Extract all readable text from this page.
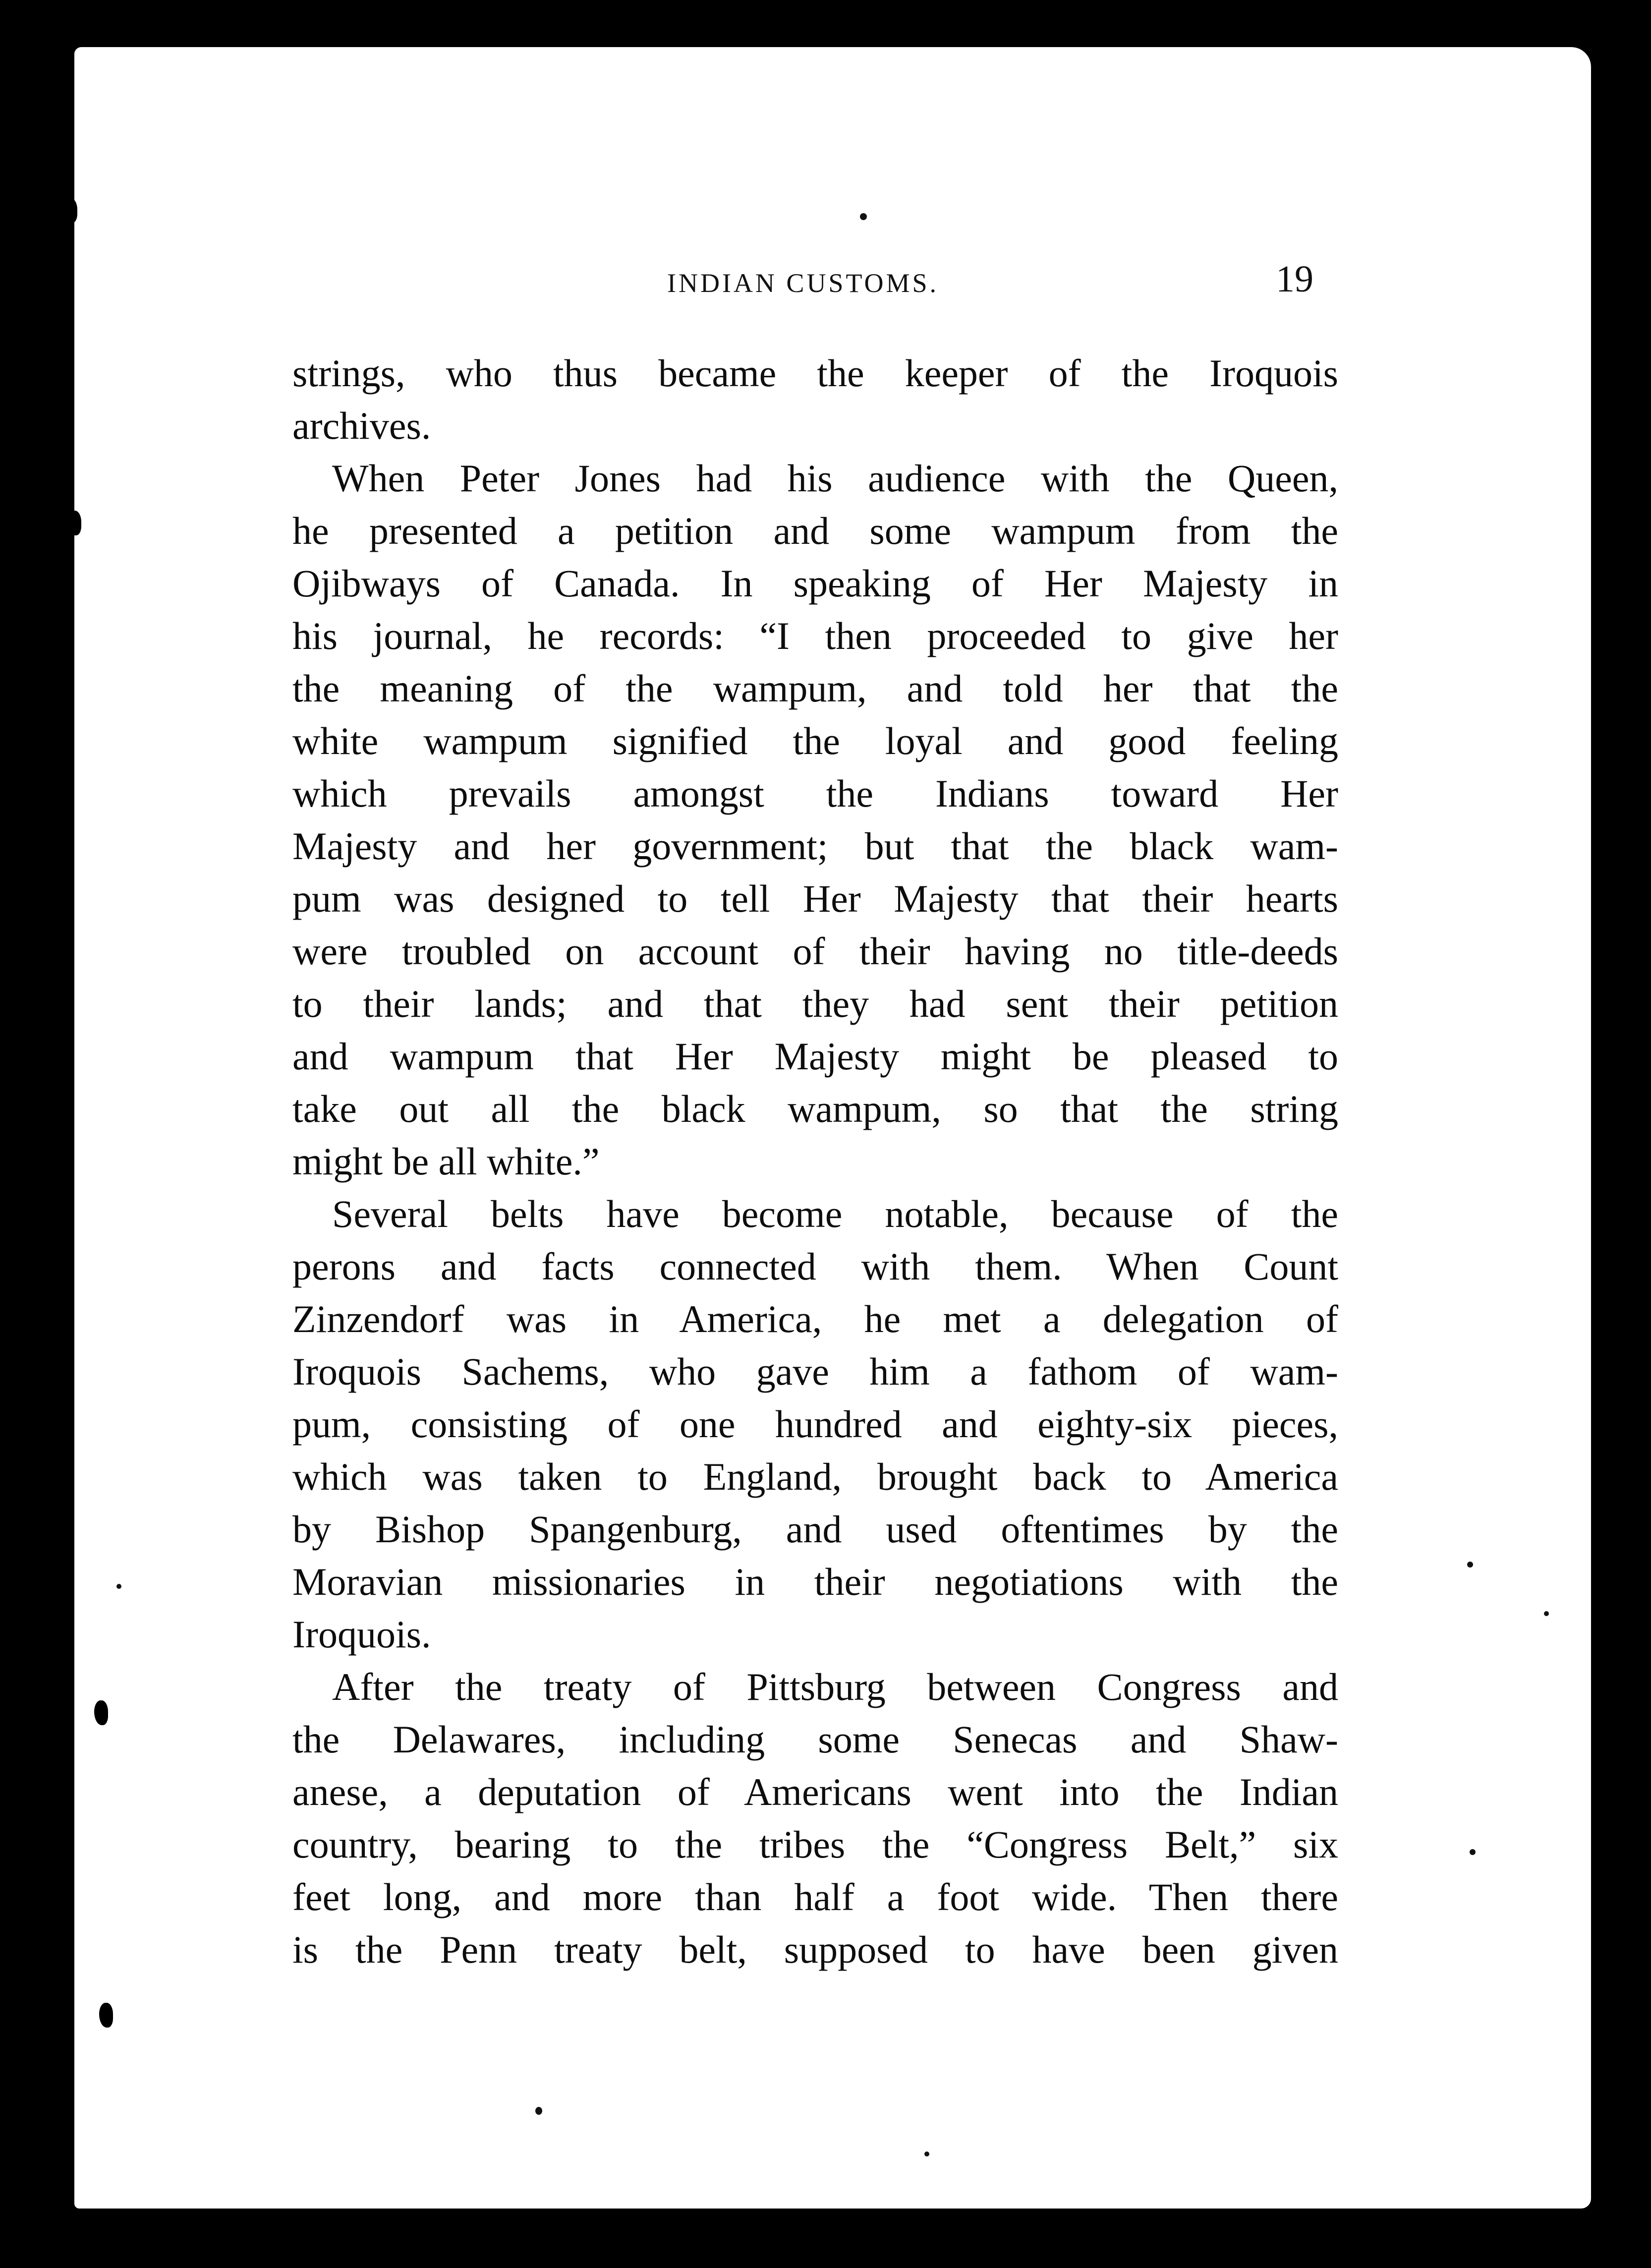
INDIAN CUSTOMS.	19
strings, who thus became the keeper of the Iroquois
archives.
When Peter Jones had his audience with the Queen,
he presented a petition and some wampum from the
Ojibways of Canada. In speaking of Her Majesty in
his journal, he records: “I then proceeded to give her
the meaning of the wampum, and told her that the
white wampum signified the loyal and good feeling
which prevails amongst the Indians toward Her
Majesty and her government; but that the black wam-
pum was designed to tell Her Majesty that their hearts
were troubled on account of their having no title-deeds
to their lands; and that they had sent their petition
and wampum that Her Majesty might be pleased to
take out all the black wampum, so that the string
might be all white.”
Several belts have become notable, because of the
perons and facts connected with them. When Count
Zinzendorf was in America, he met a delegation of
Iroquois Sachems, who gave him a fathom of wam-
pum, consisting of one hundred and eighty-six pieces,
which was taken to England, brought back to America
by Bishop Spangenburg, and used oftentimes by the
Moravian missionaries in their negotiations with the
Iroquois.
After the treaty of Pittsburg between Congress and
the Delawares, including some Senecas and Shaw-
anese, a deputation of Americans went into the Indian
country, bearing to the tribes the “Congress Belt,” six
feet long, and more than half a foot wide. Then there
is the Penn treaty belt, supposed to have been given
